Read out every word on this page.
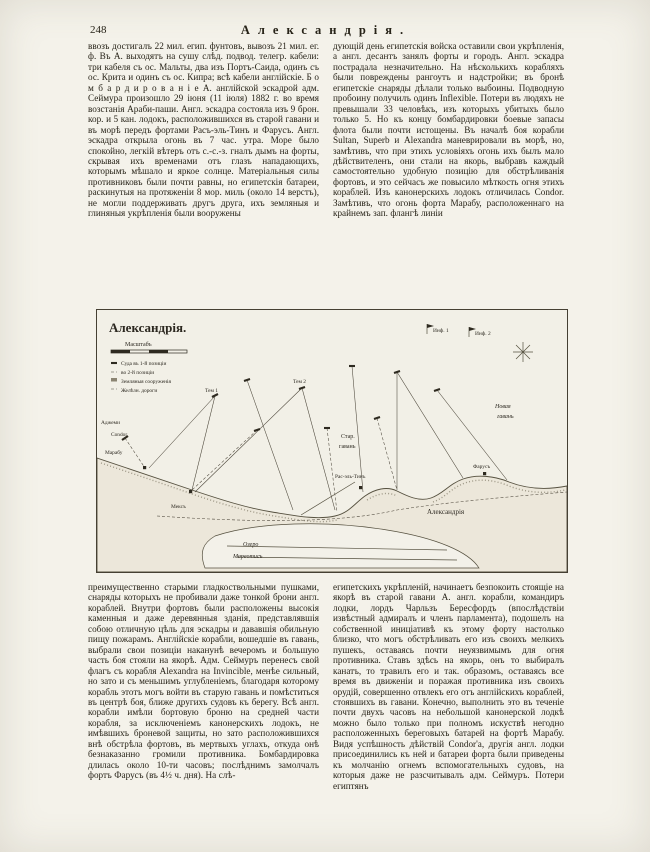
248	Александрія.
ввозъ достигалъ 22 мил. егип. фунтовъ, вывозъ 21 мил. ег. ф. Въ А. выходятъ на сушу слѣд. подвод. телегр. кабели: три кабеля съ ос. Мальты, два изъ Портъ-Саида, одинъ съ ос. Крита и одинъ съ ос. Кипра; всѣ кабели англійскіе. Б о м б а р д и р о в а н і е А. англійской эскадрой адм. Сеймура произошло 29 іюня (11 іюля) 1882 г. во время возстанія Араби-паши. Англ. эскадра состояла изъ 9 брон. кор. и 5 кан. лодокъ, расположившихся въ старой гавани и въ морѣ передъ фортами Расъ-эль-Тинъ и Фарусъ. Англ. эскадра открыла огонь въ 7 час. утра. Море было спокойно, легкій вѣтеръ отъ с.-с.-з. гналъ дымъ на форты, скрывая ихъ временами отъ глазъ нападающихъ, которымъ мѣшало и яркое солнце. Матеріальныя силы противниковъ были почти равны, но египетскія батареи, раскинутыя на протяженіи 8 мор. миль (около 14 верстъ), не могли поддерживать другъ друга, ихъ земляныя и глиняныя укрѣпленія были вооружены
дующій день египетскія войска оставили свои укрѣпленія, а англ. десантъ занялъ форты и городъ. Англ. эскадра пострадала незначительно. На нѣсколькихъ корабляхъ были повреждены рангоутъ и надстройки; въ бронѣ египетскіе снаряды дѣлали только выбоины. Подводную пробоину получилъ одинъ Inflexible. Потери въ людяхъ не превышали 33 человѣкъ, изъ которыхъ убитыхъ было только 5. Но къ концу бомбардировки боевые запасы флота были почти истощены. Въ началѣ боя корабли Sultan, Superb и Alexandra маневрировали въ морѣ, но, замѣтивъ, что при этихъ условіяхъ огонь ихъ былъ мало дѣйствителенъ, они стали на якорь, выбравъ каждый самостоятельно удобную позицію для обстрѣливанія фортовъ, и это сейчасъ же повысило мѣткость огня этихъ кораблей. Изъ канонерскихъ лодокъ отличилась Condor. Замѣтивъ, что огонь форта Марабу, расположеннаго на крайнемъ зап. флангѣ линіи
Александрія.
Масштабъ
Суда въ 1-й позиціи
во 2-й позиціи
Земляныя сооруженія
Желѣзн. дороги
Инф. 1	Инф. 2
Тем 1
Тем 2
Стар.
гавань
Новая
гавань
Александрія
Озеро
Мареотисъ
Марабу
Condor
Аджеми
Мексъ
Рас-эль-Тинъ
Фарусъ
преимущественно старыми гладкоствольными пушками, снаряды которыхъ не пробивали даже тонкой брони англ. кораблей. Внутри фортовъ были расположены высокія каменныя и даже деревянныя зданія, представлявшія собою отличную цѣль для эскадры и дававшія обильную пищу пожарамъ. Англійскіе корабли, вошедшіе въ гавань, выбрали свои позиціи наканунѣ вечеромъ и большую часть боя стояли на якорѣ. Адм. Сеймуръ перенесъ свой флагъ съ корабля Alexandra на Invincible, менѣе сильный, но зато и съ меньшимъ углубленіемъ, благодаря которому корабль этотъ могъ войти въ старую гавань и помѣститься въ центрѣ боя, ближе другихъ судовъ къ берегу. Всѣ англ. корабли имѣли бортовую броню на средней части корабля, за исключеніемъ канонерскихъ лодокъ, не имѣвшихъ броневой защиты, но зато расположившихся внѣ обстрѣла фортовъ, въ мертвыхъ углахъ, откуда онѣ безнаказанно громили противника. Бомбардировка длилась около 10-ти часовъ; послѣднимъ замолчалъ фортъ Фарусъ (въ 4½ ч. дня). На слѣ-
египетскихъ укрѣпленій, начинаетъ безпокоить стоящіе на якорѣ въ старой гавани А. англ. корабли, командиръ лодки, лордъ Чарльзъ Бересфордъ (впослѣдствіи извѣстный адмиралъ и членъ парламента), подошелъ на собственной иниціативѣ къ этому форту настолько близко, что могъ обстрѣливать его изъ своихъ мелкихъ пушекъ, оставаясь почти неуязвимымъ для огня противника. Ставъ здѣсь на якорь, онъ то выбиралъ канатъ, то травилъ его и так. образомъ, оставаясь все время въ движеніи и поражая противника изъ своихъ орудій, совершенно отвлекъ его отъ англійскихъ кораблей, стоявшихъ въ гавани. Конечно, выполнить это въ теченіе почти двухъ часовъ на небольшой канонерской лодкѣ можно было только при полномъ искуствѣ негодно расположенныхъ береговыхъ батарей на фортѣ Марабу. Видя успѣшность дѣйствій Condor'а, другія англ. лодки присоединились къ ней и батареи форта были приведены къ молчанію огнемъ вспомогательныхъ судовъ, на которыя даже не разсчитывалъ адм. Сеймуръ. Потери египтянъ
